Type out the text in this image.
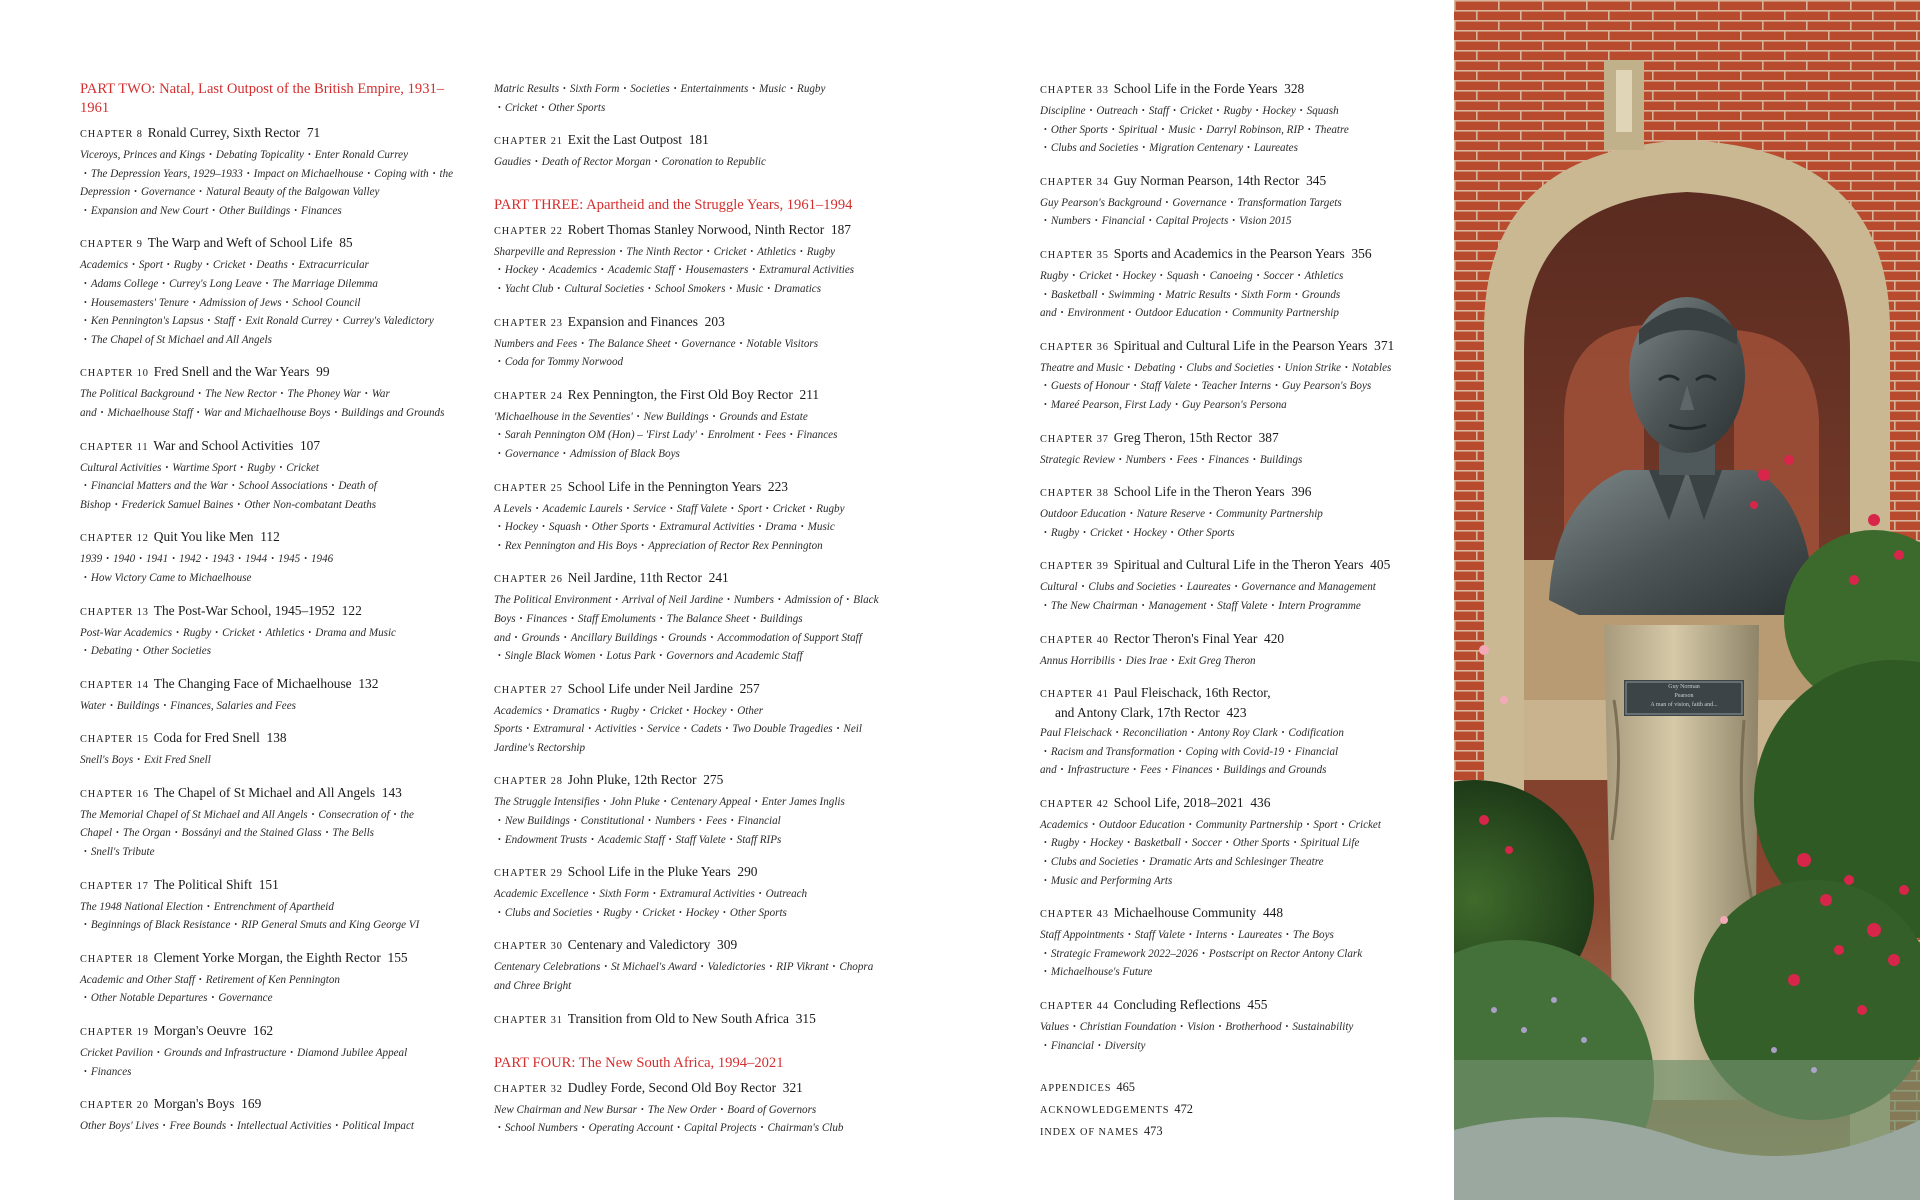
PART TWO: Natal, Last Outpost of the British Empire, 1931–1961
CHAPTER 8 Ronald Currey, Sixth Rector 71
Viceroys, Princes and Kings • Debating Topicality • Enter Ronald Currey
• The Depression Years, 1929–1933 • Impact on Michaelhouse • Coping with • the Depression • Governance • Natural Beauty of the Balgowan Valley
• Expansion and New Court • Other Buildings • Finances
CHAPTER 9 The Warp and Weft of School Life 85
Academics • Sport • Rugby • Cricket • Deaths • Extracurricular
• Adams College • Currey's Long Leave • The Marriage Dilemma
• Housemasters' Tenure • Admission of Jews • School Council
• Ken Pennington's Lapsus • Staff • Exit Ronald Currey • Currey's Valedictory
• The Chapel of St Michael and All Angels
CHAPTER 10 Fred Snell and the War Years 99
The Political Background • The New Rector • The Phoney War • War and • Michaelhouse Staff • War and Michaelhouse Boys • Buildings and Grounds
CHAPTER 11 War and School Activities 107
Cultural Activities • Wartime Sport • Rugby • Cricket
• Financial Matters and the War • School Associations • Death of Bishop • Frederick Samuel Baines • Other Non-combatant Deaths
CHAPTER 12 Quit You like Men 112
1939 • 1940 • 1941 • 1942 • 1943 • 1944 • 1945 • 1946
• How Victory Came to Michaelhouse
CHAPTER 13 The Post-War School, 1945–1952 122
Post-War Academics • Rugby • Cricket • Athletics • Drama and Music
• Debating • Other Societies
CHAPTER 14 The Changing Face of Michaelhouse 132
Water • Buildings • Finances, Salaries and Fees
CHAPTER 15 Coda for Fred Snell 138
Snell's Boys • Exit Fred Snell
CHAPTER 16 The Chapel of St Michael and All Angels 143
The Memorial Chapel of St Michael and All Angels • Consecration of • the Chapel • The Organ • Bossányi and the Stained Glass • The Bells
• Snell's Tribute
CHAPTER 17 The Political Shift 151
The 1948 National Election • Entrenchment of Apartheid
• Beginnings of Black Resistance • RIP General Smuts and King George VI
CHAPTER 18 Clement Yorke Morgan, the Eighth Rector 155
Academic and Other Staff • Retirement of Ken Pennington
• Other Notable Departures • Governance
CHAPTER 19 Morgan's Oeuvre 162
Cricket Pavilion • Grounds and Infrastructure • Diamond Jubilee Appeal
• Finances
CHAPTER 20 Morgan's Boys 169
Other Boys' Lives • Free Bounds • Intellectual Activities • Political Impact
Matric Results • Sixth Form • Societies • Entertainments • Music • Rugby
• Cricket • Other Sports
CHAPTER 21 Exit the Last Outpost 181
Gaudies • Death of Rector Morgan • Coronation to Republic
PART THREE: Apartheid and the Struggle Years, 1961–1994
CHAPTER 22 Robert Thomas Stanley Norwood, Ninth Rector 187
Sharpeville and Repression • The Ninth Rector • Cricket • Athletics • Rugby
• Hockey • Academics • Academic Staff • Housemasters • Extramural Activities
• Yacht Club • Cultural Societies • School Smokers • Music • Dramatics
CHAPTER 23 Expansion and Finances 203
Numbers and Fees • The Balance Sheet • Governance • Notable Visitors
• Coda for Tommy Norwood
CHAPTER 24 Rex Pennington, the First Old Boy Rector 211
'Michaelhouse in the Seventies' • New Buildings • Grounds and Estate
• Sarah Pennington OM (Hon) – 'First Lady' • Enrolment • Fees • Finances
• Governance • Admission of Black Boys
CHAPTER 25 School Life in the Pennington Years 223
A Levels • Academic Laurels • Service • Staff Valete • Sport • Cricket • Rugby
• Hockey • Squash • Other Sports • Extramural Activities • Drama • Music
• Rex Pennington and His Boys • Appreciation of Rector Rex Pennington
CHAPTER 26 Neil Jardine, 11th Rector 241
The Political Environment • Arrival of Neil Jardine • Numbers • Admission of • Black Boys • Finances • Staff Emoluments • The Balance Sheet • Buildings and • Grounds • Ancillary Buildings • Grounds • Accommodation of Support Staff
• Single Black Women • Lotus Park • Governors and Academic Staff
CHAPTER 27 School Life under Neil Jardine 257
Academics • Dramatics • Rugby • Cricket • Hockey • Other Sports • Extramural • Activities • Service • Cadets • Two Double Tragedies • Neil Jardine's Rectorship
CHAPTER 28 John Pluke, 12th Rector 275
The Struggle Intensifies • John Pluke • Centenary Appeal • Enter James Inglis
• New Buildings • Constitutional • Numbers • Fees • Financial
• Endowment Trusts • Academic Staff • Staff Valete • Staff RIPs
CHAPTER 29 School Life in the Pluke Years 290
Academic Excellence • Sixth Form • Extramural Activities • Outreach
• Clubs and Societies • Rugby • Cricket • Hockey • Other Sports
CHAPTER 30 Centenary and Valedictory 309
Centenary Celebrations • St Michael's Award • Valedictories • RIP Vikrant • Chopra and Chree Bright
CHAPTER 31 Transition from Old to New South Africa 315
PART FOUR: The New South Africa, 1994–2021
CHAPTER 32 Dudley Forde, Second Old Boy Rector 321
New Chairman and New Bursar • The New Order • Board of Governors
• School Numbers • Operating Account • Capital Projects • Chairman's Club
CHAPTER 33 School Life in the Forde Years 328
Discipline • Outreach • Staff • Cricket • Rugby • Hockey • Squash
• Other Sports • Spiritual • Music • Darryl Robinson, RIP • Theatre
• Clubs and Societies • Migration Centenary • Laureates
CHAPTER 34 Guy Norman Pearson, 14th Rector 345
Guy Pearson's Background • Governance • Transformation Targets
• Numbers • Financial • Capital Projects • Vision 2015
CHAPTER 35 Sports and Academics in the Pearson Years 356
Rugby • Cricket • Hockey • Squash • Canoeing • Soccer • Athletics
• Basketball • Swimming • Matric Results • Sixth Form • Grounds and • Environment • Outdoor Education • Community Partnership
CHAPTER 36 Spiritual and Cultural Life in the Pearson Years 371
Theatre and Music • Debating • Clubs and Societies • Union Strike • Notables
• Guests of Honour • Staff Valete • Teacher Interns • Guy Pearson's Boys
• Mareé Pearson, First Lady • Guy Pearson's Persona
CHAPTER 37 Greg Theron, 15th Rector 387
Strategic Review • Numbers • Fees • Finances • Buildings
CHAPTER 38 School Life in the Theron Years 396
Outdoor Education • Nature Reserve • Community Partnership
• Rugby • Cricket • Hockey • Other Sports
CHAPTER 39 Spiritual and Cultural Life in the Theron Years 405
Cultural • Clubs and Societies • Laureates • Governance and Management
• The New Chairman • Management • Staff Valete • Intern Programme
CHAPTER 40 Rector Theron's Final Year 420
Annus Horribilis • Dies Irae • Exit Greg Theron
CHAPTER 41 Paul Fleischack, 16th Rector,
and Antony Clark, 17th Rector 423
Paul Fleischack • Reconciliation • Antony Roy Clark • Codification
• Racism and Transformation • Coping with Covid-19 • Financial and • Infrastructure • Fees • Finances • Buildings and Grounds
CHAPTER 42 School Life, 2018–2021 436
Academics • Outdoor Education • Community Partnership • Sport • Cricket
• Rugby • Hockey • Basketball • Soccer • Other Sports • Spiritual Life
• Clubs and Societies • Dramatic Arts and Schlesinger Theatre
• Music and Performing Arts
CHAPTER 43 Michaelhouse Community 448
Staff Appointments • Staff Valete • Interns • Laureates • The Boys
• Strategic Framework 2022–2026 • Postscript on Rector Antony Clark
• Michaelhouse's Future
CHAPTER 44 Concluding Reflections 455
Values • Christian Foundation • Vision • Brotherhood • Sustainability
• Financial • Diversity
APPENDICES 465
ACKNOWLEDGEMENTS 472
INDEX OF NAMES 473
Guy Norman
Pearson
A man of vision, faith and...
